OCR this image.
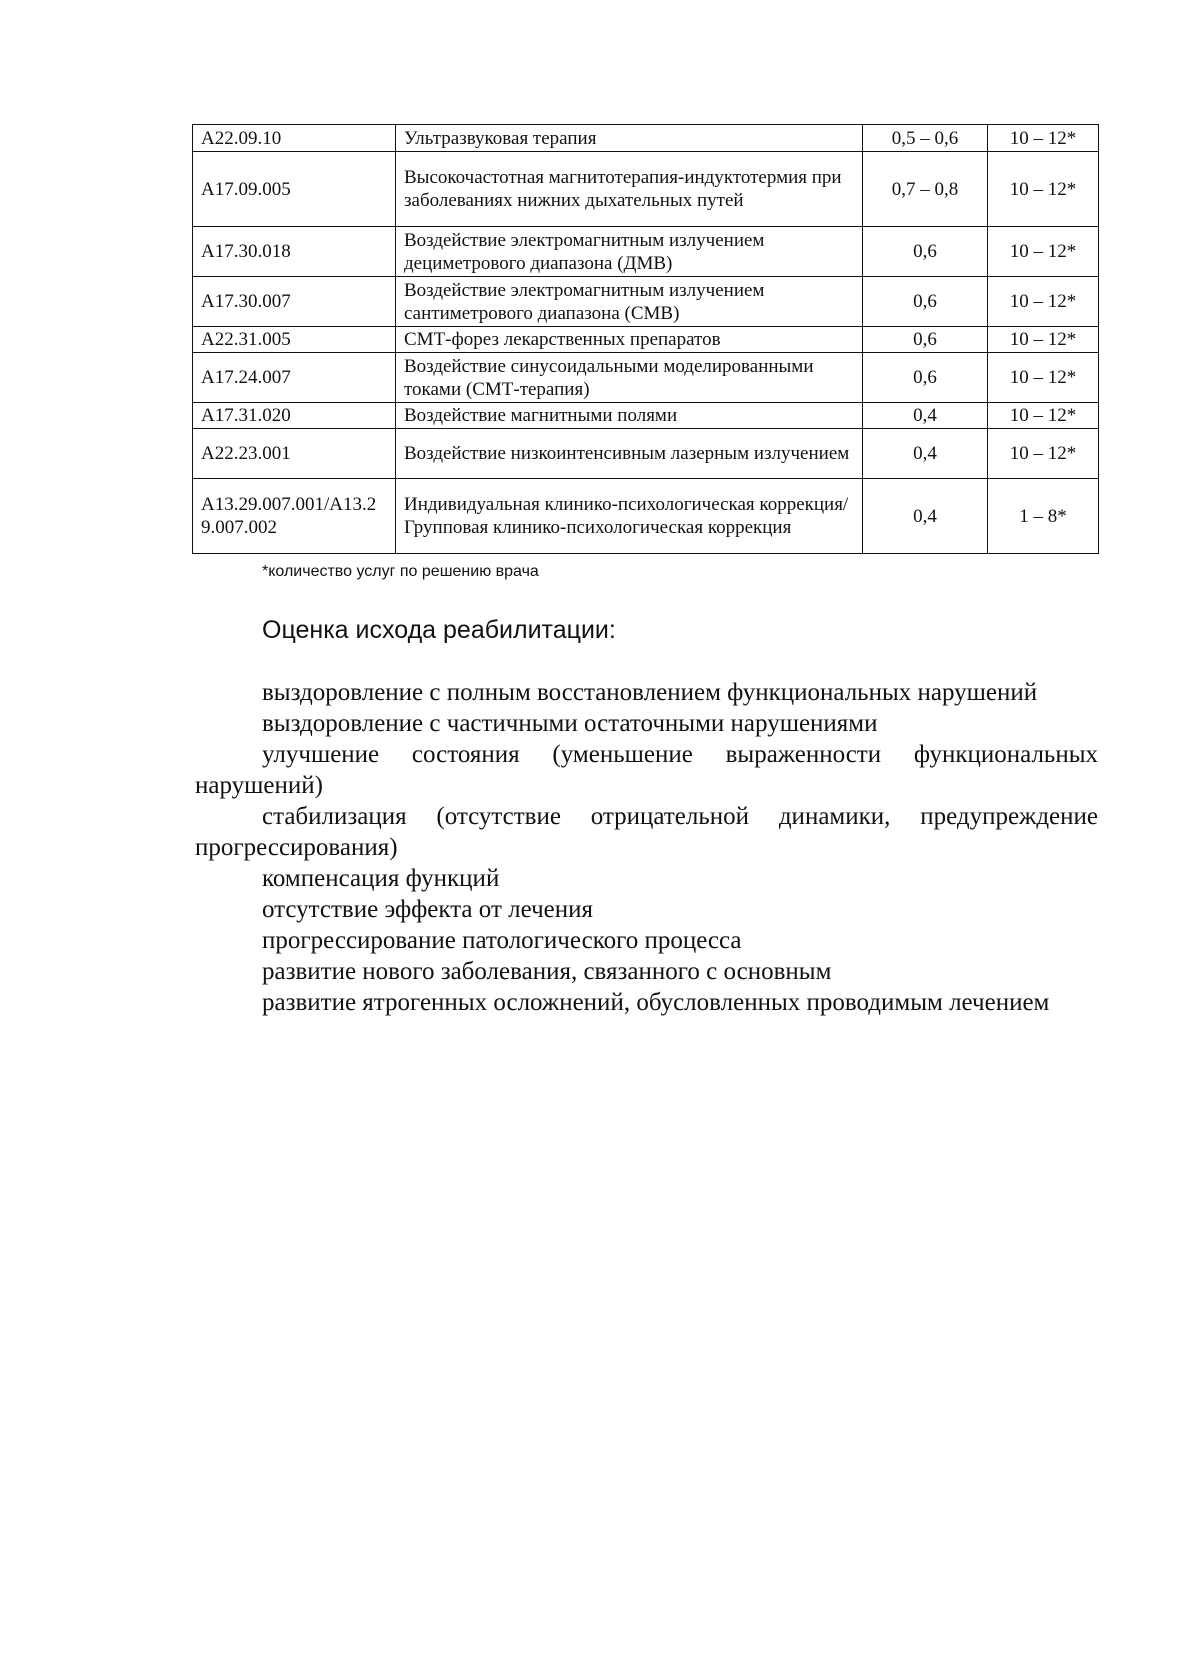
A22.09.10	Ультразвуковая терапия	0,5 – 0,6	10 – 12*
A17.09.005	Высокочастотная магнитотерапия-индуктотермия при заболеваниях нижних дыхательных путей	0,7 – 0,8	10 – 12*
A17.30.018	Воздействие электромагнитным излучением дециметрового диапазона (ДМВ)	0,6	10 – 12*
A17.30.007	Воздействие электромагнитным излучением сантиметрового диапазона (СМВ)	0,6	10 – 12*
A22.31.005	СМТ-форез лекарственных препаратов	0,6	10 – 12*
A17.24.007	Воздействие синусоидальными моделированными токами (СМТ-терапия)	0,6	10 – 12*
A17.31.020	Воздействие магнитными полями	0,4	10 – 12*
A22.23.001	Воздействие низкоинтенсивным лазерным излучением	0,4	10 – 12*
A13.29.007.001/A13.29.007.002	Индивидуальная клинико-психологическая коррекция/Групповая клинико-психологическая коррекция	0,4	1 – 8*
*количество услуг по решению врача
Оценка исхода реабилитации:

выздоровление с полным восстановлением функциональных нарушений

выздоровление с частичными остаточными нарушениями

улучшение состояния (уменьшение выраженности функциональных нарушений)

стабилизация (отсутствие отрицательной динамики, предупреждение прогрессирования)

компенсация функций

отсутствие эффекта от лечения

прогрессирование патологического процесса

развитие нового заболевания, связанного с основным

развитие ятрогенных осложнений, обусловленных проводимым лечением
